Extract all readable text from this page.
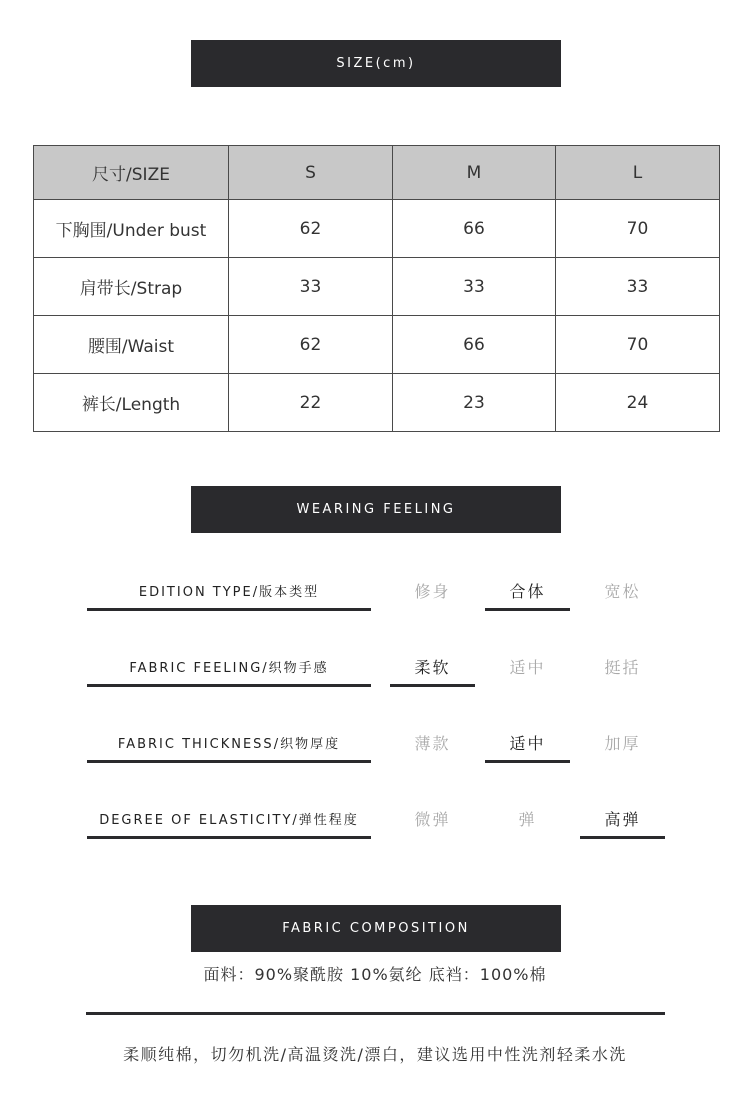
SIZE(cm)
尺寸/SIZE	S	M	L
下胸围/Under bust	62	66	70
肩带长/Strap	33	33	33
腰围/Waist	62	66	70
裤长/Length	22	23	24
WEARING FEELING
EDITION TYPE/版本类型	修身	合体	宽松
FABRIC FEELING/织物手感	柔软	适中	挺括
FABRIC THICKNESS/织物厚度	薄款	适中	加厚
DEGREE OF ELASTICITY/弹性程度	微弹	弹	高弹
FABRIC COMPOSITION
面料：90%聚酰胺 10%氨纶 底裆：100%棉
柔顺纯棉，切勿机洗/高温烫洗/漂白，建议选用中性洗剂轻柔水洗
